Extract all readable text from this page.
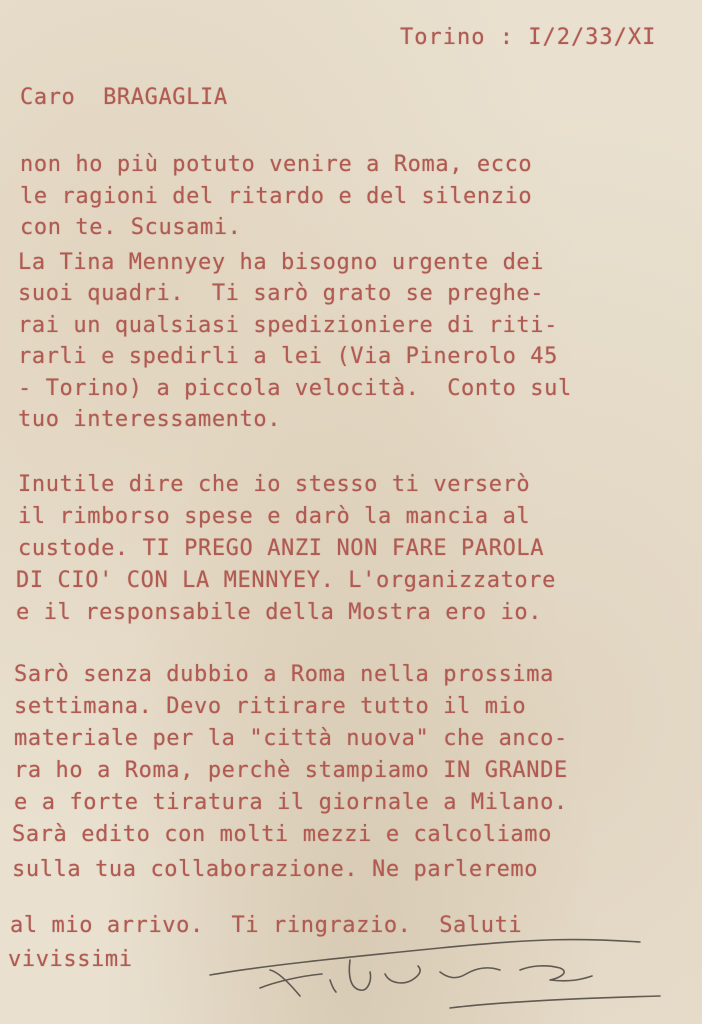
Torino : I/2/33/XI
Caro  BRAGAGLIA
non ho più potuto venire a Roma, ecco
le ragioni del ritardo e del silenzio
con te. Scusami.
La Tina Mennyey ha bisogno urgente dei
suoi quadri.  Ti sarò grato se preghe-
rai un qualsiasi spedizioniere di riti-
rarli e spedirli a lei (Via Pinerolo 45
- Torino) a piccola velocità.  Conto sul
tuo interessamento.
Inutile dire che io stesso ti verserò
il rimborso spese e darò la mancia al
custode. TI PREGO ANZI NON FARE PAROLA
DI CIO' CON LA MENNYEY. L'organizzatore
e il responsabile della Mostra ero io.
Sarò senza dubbio a Roma nella prossima
settimana. Devo ritirare tutto il mio
materiale per la "città nuova" che anco-
ra ho a Roma, perchè stampiamo IN GRANDE
e a forte tiratura il giornale a Milano.
Sarà edito con molti mezzi e calcoliamo
sulla tua collaborazione. Ne parleremo
al mio arrivo.  Ti ringrazio.  Saluti
vivissimi
